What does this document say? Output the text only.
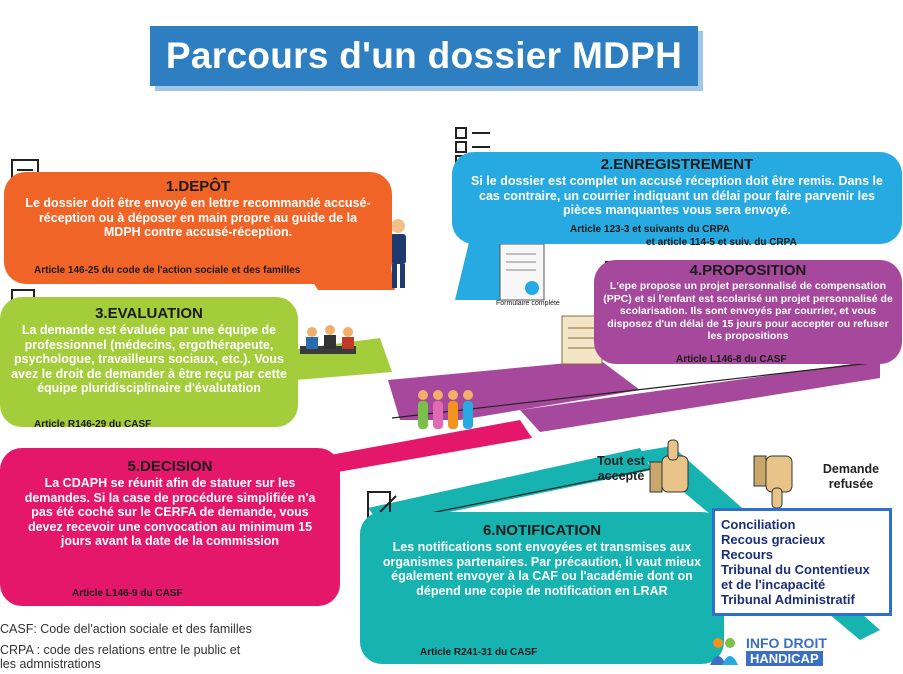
Parcours d'un dossier MDPH
1.DEPÔT

Le dossier doit être envoyé en lettre recommandé accusé-réception ou à déposer en main propre au guide de la MDPH contre accusé-réception.

Article 146-25 du code de l'action sociale et des familles
2.ENREGISTREMENT

Si le dossier est complet un accusé réception doit être remis. Dans le cas contraire, un courrier indiquant un délai pour faire parvenir les pièces manquantes vous sera envoyé.

Article 123-3 et suivants du CRPA
et article 114-5 et suiv. du CRPA
Formulaire complété
3.EVALUATION

La demande est évaluée par une équipe de professionnel (médecins, ergothérapeute, psychologue, travailleurs sociaux, etc.). Vous avez le droit de demander à être reçu par cette équipe pluridisciplinaire d'évalutation

Article R146-29 du CASF
4.PROPOSITION

L'epe propose un projet personnalisé de compensation (PPC) et si l'enfant est scolarisé un projet personnalisé de scolarisation. Ils sont envoyés par courrier, et vous disposez d'un délai de 15 jours pour accepter ou refuser les propositions

Article L146-8 du CASF
5.DECISION

La CDAPH se réunit afin de statuer sur les demandes. Si la case de procédure simplifiée n'a pas été coché sur le CERFA de demande, vous devez recevoir une convocation au minimum 15 jours avant la date de la commission

Article L146-9 du CASF
6.NOTIFICATION

Les notifications sont envoyées et transmises aux organismes partenaires. Par précaution, il vaut mieux également envoyer à la CAF ou l'académie dont on dépend une copie de notification en LRAR

Article R241-31 du CASF
Tout est accepté	Demande refusée
Conciliation
Recous gracieux
Recours
Tribunal du Contentieux
et de l'incapacité
Tribunal Administratif
CASF: Code del'action sociale et des familles
CRPA : code des relations entre le public et
les admnistrations
INFO DROIT
HANDICAP
